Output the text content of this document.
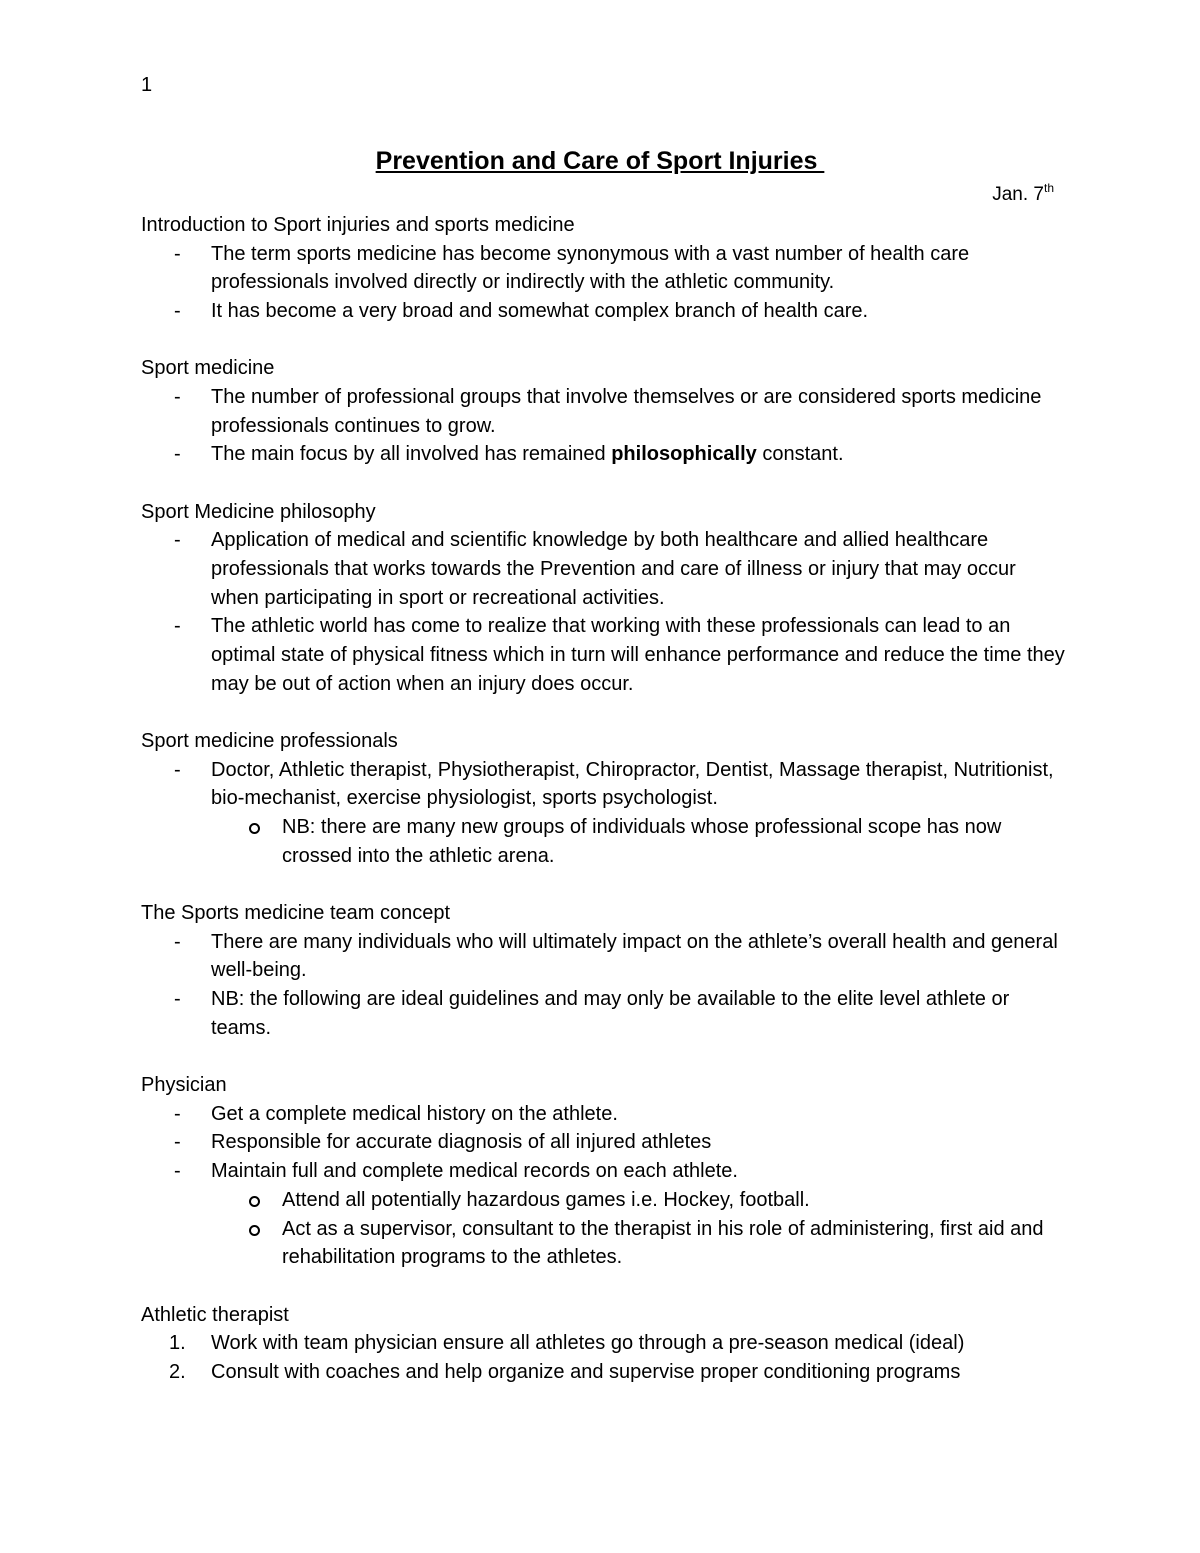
1
Prevention and Care of Sport Injuries
Jan. 7th
Introduction to Sport injuries and sports medicine
- The term sports medicine has become synonymous with a vast number of health care professionals involved directly or indirectly with the athletic community.
- It has become a very broad and somewhat complex branch of health care.
Sport medicine
- The number of professional groups that involve themselves or are considered sports medicine professionals continues to grow.
- The main focus by all involved has remained philosophically constant.
Sport Medicine philosophy
- Application of medical and scientific knowledge by both healthcare and allied healthcare professionals that works towards the Prevention and care of illness or injury that may occur when participating in sport or recreational activities.
- The athletic world has come to realize that working with these professionals can lead to an optimal state of physical fitness which in turn will enhance performance and reduce the time they may be out of action when an injury does occur.
Sport medicine professionals
- Doctor, Athletic therapist, Physiotherapist, Chiropractor, Dentist, Massage therapist, Nutritionist, bio-mechanist, exercise physiologist, sports psychologist.
NB: there are many new groups of individuals whose professional scope has now crossed into the athletic arena.
The Sports medicine team concept
- There are many individuals who will ultimately impact on the athlete’s overall health and general well-being.
- NB: the following are ideal guidelines and may only be available to the elite level athlete or teams.
Physician
- Get a complete medical history on the athlete.
- Responsible for accurate diagnosis of all injured athletes
- Maintain full and complete medical records on each athlete.
Attend all potentially hazardous games i.e. Hockey, football.
Act as a supervisor, consultant to the therapist in his role of administering, first aid and rehabilitation programs to the athletes.
Athletic therapist
1. Work with team physician ensure all athletes go through a pre-season medical (ideal)
2. Consult with coaches and help organize and supervise proper conditioning programs
